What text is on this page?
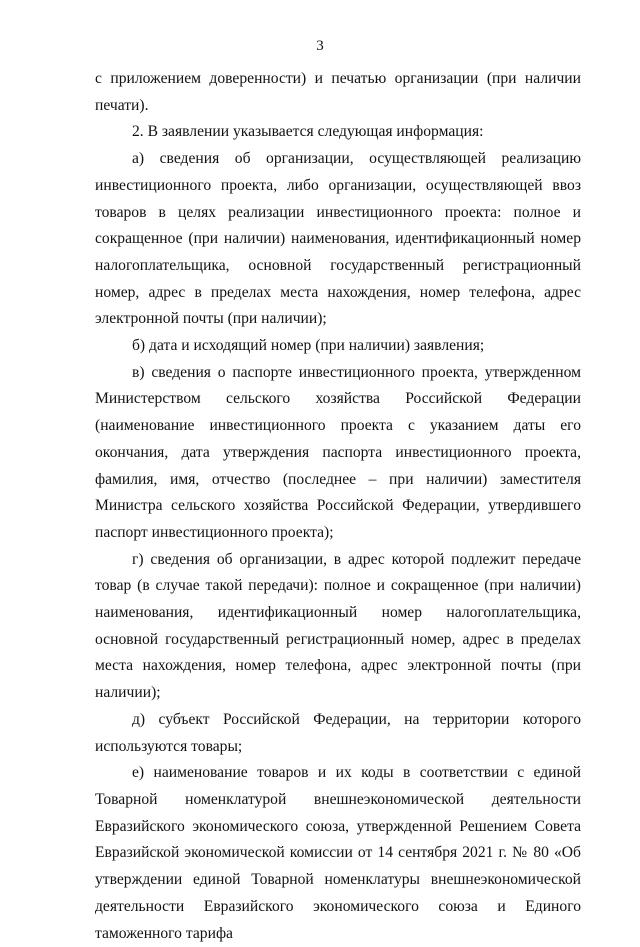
3

с приложением доверенности) и печатью организации (при наличии печати).

2. В заявлении указывается следующая информация:

а) сведения об организации, осуществляющей реализацию инвестиционного проекта, либо организации, осуществляющей ввоз товаров в целях реализации инвестиционного проекта: полное и сокращенное (при наличии) наименования, идентификационный номер налогоплательщика, основной государственный регистрационный номер, адрес в пределах места нахождения, номер телефона, адрес электронной почты (при наличии);

б) дата и исходящий номер (при наличии) заявления;

в) сведения о паспорте инвестиционного проекта, утвержденном Министерством сельского хозяйства Российской Федерации (наименование инвестиционного проекта с указанием даты его окончания, дата утверждения паспорта инвестиционного проекта, фамилия, имя, отчество (последнее – при наличии) заместителя Министра сельского хозяйства Российской Федерации, утвердившего паспорт инвестиционного проекта);

г) сведения об организации, в адрес которой подлежит передаче товар (в случае такой передачи): полное и сокращенное (при наличии) наименования, идентификационный номер налогоплательщика, основной государственный регистрационный номер, адрес в пределах места нахождения, номер телефона, адрес электронной почты (при наличии);

д) субъект Российской Федерации, на территории которого используются товары;

е) наименование товаров и их коды в соответствии с единой Товарной номенклатурой внешнеэкономической деятельности Евразийского экономического союза, утвержденной Решением Совета Евразийской экономической комиссии от 14 сентября 2021 г. № 80 «Об утверждении единой Товарной номенклатуры внешнеэкономической деятельности Евразийского экономического союза и Единого таможенного тарифа
